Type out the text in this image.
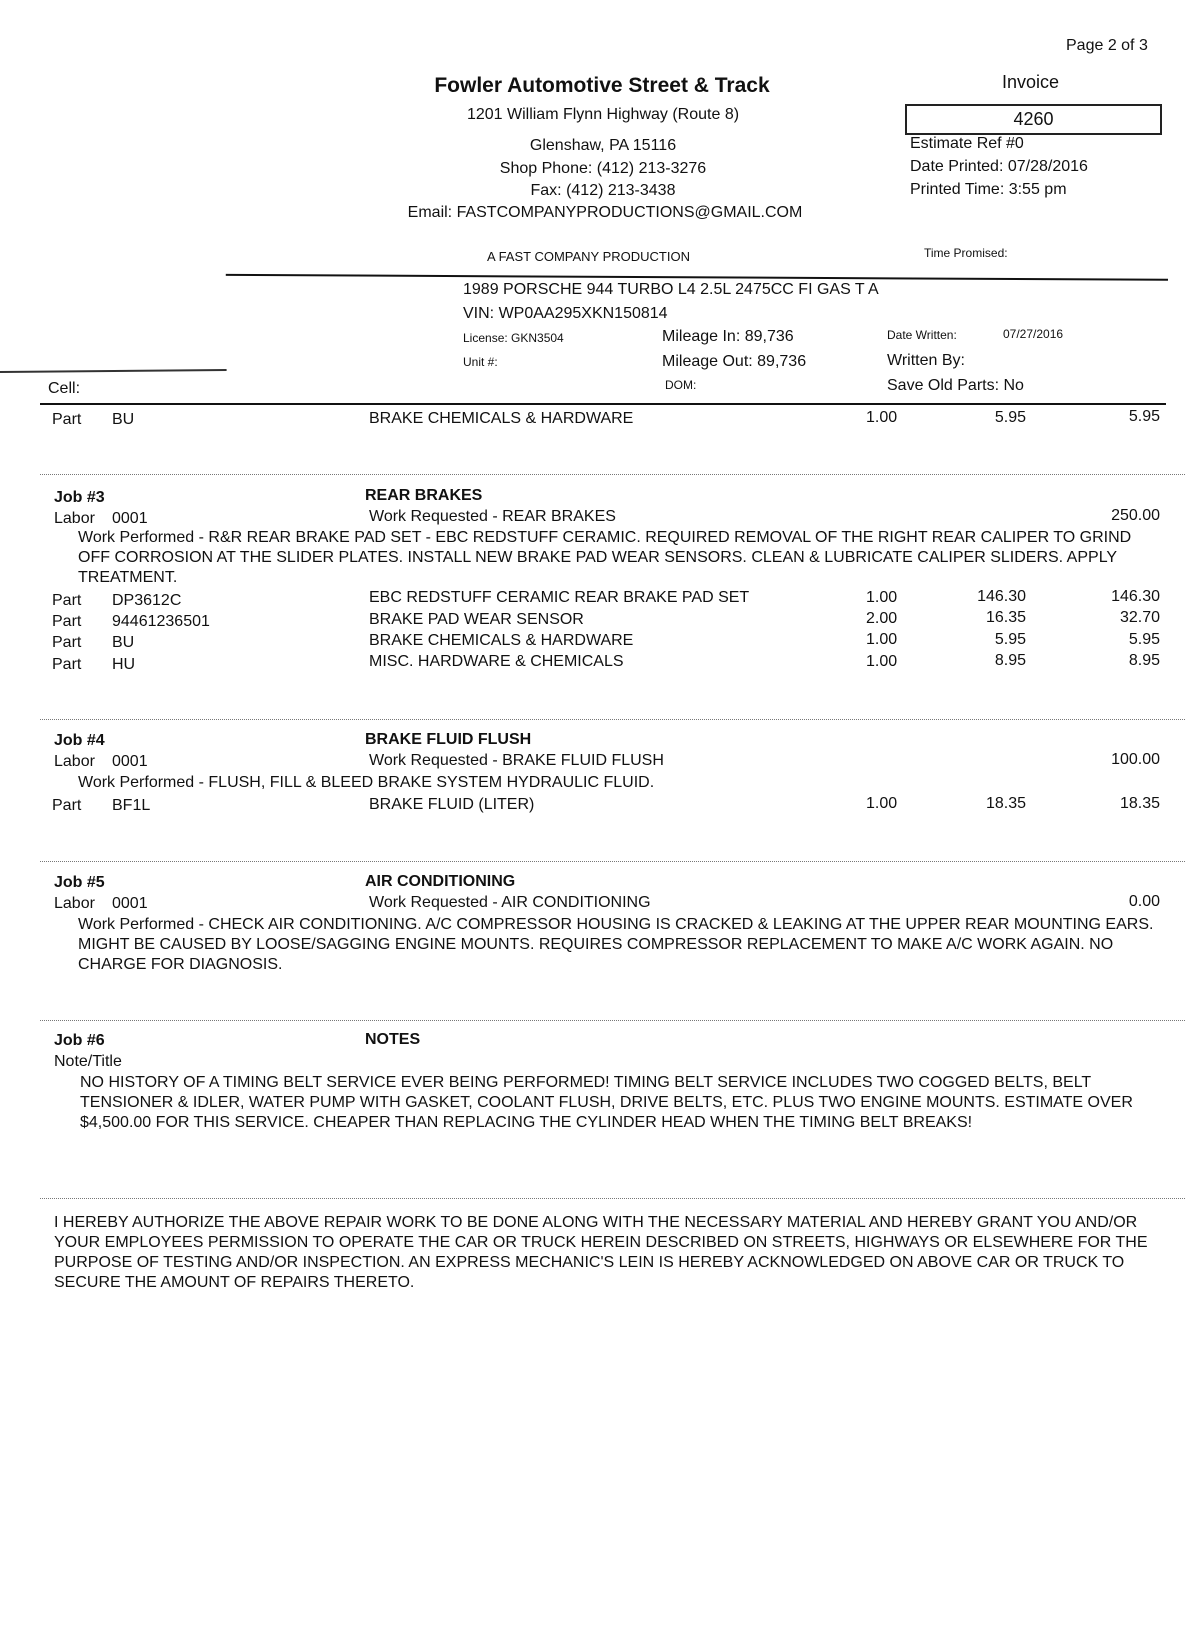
Page 2 of 3
Fowler Automotive Street & Track
1201 William Flynn Highway (Route 8)
Glenshaw, PA 15116
Shop Phone: (412) 213-3276
Fax: (412) 213-3438
Email: FASTCOMPANYPRODUCTIONS@GMAIL.COM
A FAST COMPANY PRODUCTION
Invoice
4260
Estimate Ref #0
Date Printed: 07/28/2016
Printed Time: 3:55 pm
Time Promised:
Cell:
1989 PORSCHE 944 TURBO L4 2.5L 2475CC FI GAS T A
VIN: WP0AA295XKN150814
License: GKN3504
Unit #:
Mileage In: 89,736
Mileage Out: 89,736
DOM:
Date Written:	07/27/2016
Written By:
Save Old Parts: No
Part BU	BRAKE CHEMICALS & HARDWARE	1.00	5.95	5.95
Job #3	REAR BRAKES
Labor 0001	Work Requested - REAR BRAKES	250.00
Work Performed - R&R REAR BRAKE PAD SET - EBC REDSTUFF CERAMIC. REQUIRED REMOVAL OF THE RIGHT REAR CALIPER TO GRIND OFF CORROSION AT THE SLIDER PLATES. INSTALL NEW BRAKE PAD WEAR SENSORS. CLEAN & LUBRICATE CALIPER SLIDERS. APPLY TREATMENT.
Part DP3612C	EBC REDSTUFF CERAMIC REAR BRAKE PAD SET	1.00	146.30	146.30
Part 94461236501	BRAKE PAD WEAR SENSOR	2.00	16.35	32.70
Part BU	BRAKE CHEMICALS & HARDWARE	1.00	5.95	5.95
Part HU	MISC. HARDWARE & CHEMICALS	1.00	8.95	8.95
Job #4	BRAKE FLUID FLUSH
Labor 0001	Work Requested - BRAKE FLUID FLUSH	100.00
Work Performed - FLUSH, FILL & BLEED BRAKE SYSTEM HYDRAULIC FLUID.
Part BF1L	BRAKE FLUID (LITER)	1.00	18.35	18.35
Job #5	AIR CONDITIONING
Labor 0001	Work Requested - AIR CONDITIONING	0.00
Work Performed - CHECK AIR CONDITIONING. A/C COMPRESSOR HOUSING IS CRACKED & LEAKING AT THE UPPER REAR MOUNTING EARS. MIGHT BE CAUSED BY LOOSE/SAGGING ENGINE MOUNTS. REQUIRES COMPRESSOR REPLACEMENT TO MAKE A/C WORK AGAIN. NO CHARGE FOR DIAGNOSIS.
Job #6	NOTES
Note/Title
NO HISTORY OF A TIMING BELT SERVICE EVER BEING PERFORMED! TIMING BELT SERVICE INCLUDES TWO COGGED BELTS, BELT TENSIONER & IDLER, WATER PUMP WITH GASKET, COOLANT FLUSH, DRIVE BELTS, ETC. PLUS TWO ENGINE MOUNTS. ESTIMATE OVER $4,500.00 FOR THIS SERVICE. CHEAPER THAN REPLACING THE CYLINDER HEAD WHEN THE TIMING BELT BREAKS!
I HEREBY AUTHORIZE THE ABOVE REPAIR WORK TO BE DONE ALONG WITH THE NECESSARY MATERIAL AND HEREBY GRANT YOU AND/OR YOUR EMPLOYEES PERMISSION TO OPERATE THE CAR OR TRUCK HEREIN DESCRIBED ON STREETS, HIGHWAYS OR ELSEWHERE FOR THE PURPOSE OF TESTING AND/OR INSPECTION. AN EXPRESS MECHANIC'S LEIN IS HEREBY ACKNOWLEDGED ON ABOVE CAR OR TRUCK TO SECURE THE AMOUNT OF REPAIRS THERETO.
